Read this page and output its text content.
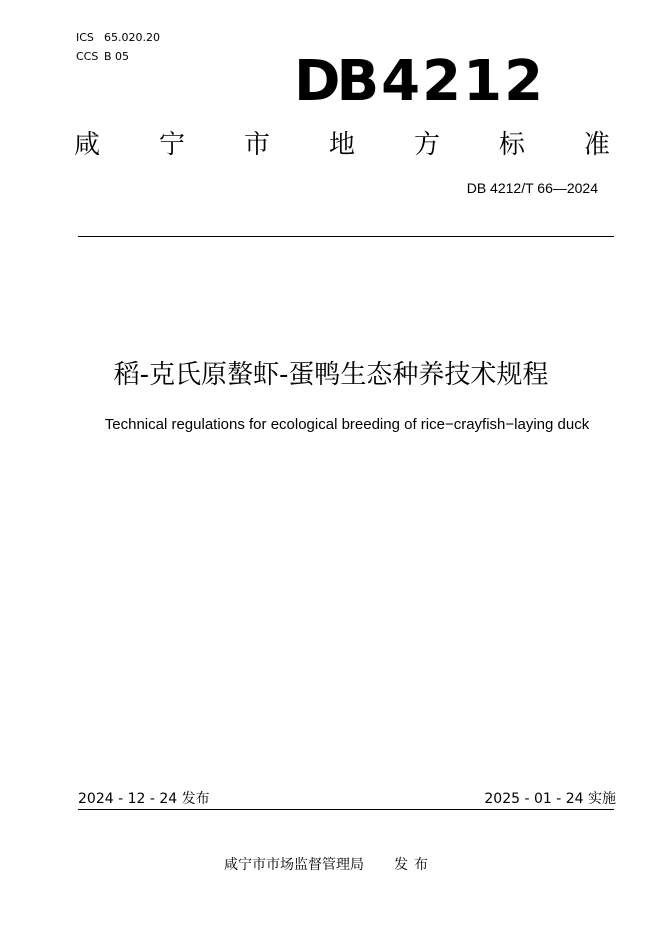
ICS 65.020.20
CCS B 05	DB 4212
咸 宁 市 地 方 标 准
DB 4212/T 66—2024
稻-克氏原螯虾-蛋鸭生态种养技术规程
Technical regulations for ecological breeding of rice−crayfish−laying duck
2024 - 12 - 24 发布	2025 - 01 - 24 实施
咸宁市市场监督管理局 发布
